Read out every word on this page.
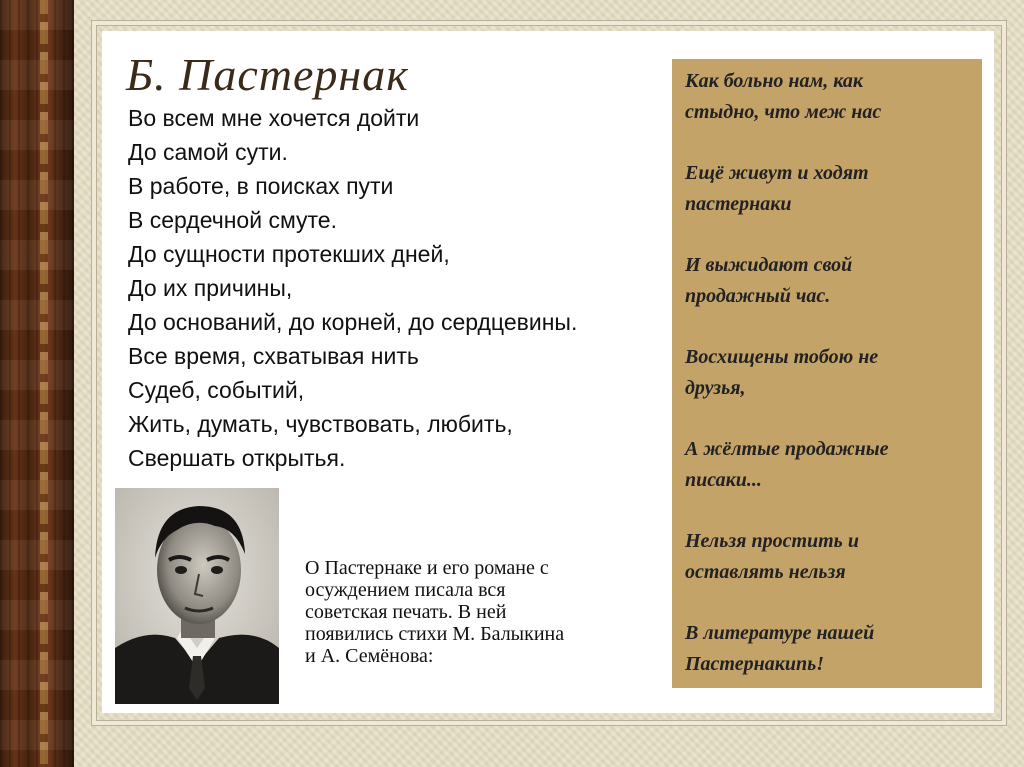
Б. Пастернак
Во всем мне хочется дойти
До самой сути.
В работе, в поисках пути
В сердечной смуте.
До сущности протекших дней,
До их причины,
До оснований, до корней, до сердцевины.
Все время, схватывая нить
Судеб, событий,
Жить, думать, чувствовать, любить,
Свершать открытья.
О Пастернаке и его романе с
осуждением писала вся
советская печать. В ней
появились стихи М. Балыкина
и А. Семёнова:
Как больно нам, как
стыдно, что меж нас
Ещё живут и ходят
пастернаки
И выжидают свой
продажный час.
Восхищены тобою не
друзья,
А жёлтые продажные
писаки...
Нельзя простить и
оставлять нельзя
В литературе нашей
Пастернакипь!
